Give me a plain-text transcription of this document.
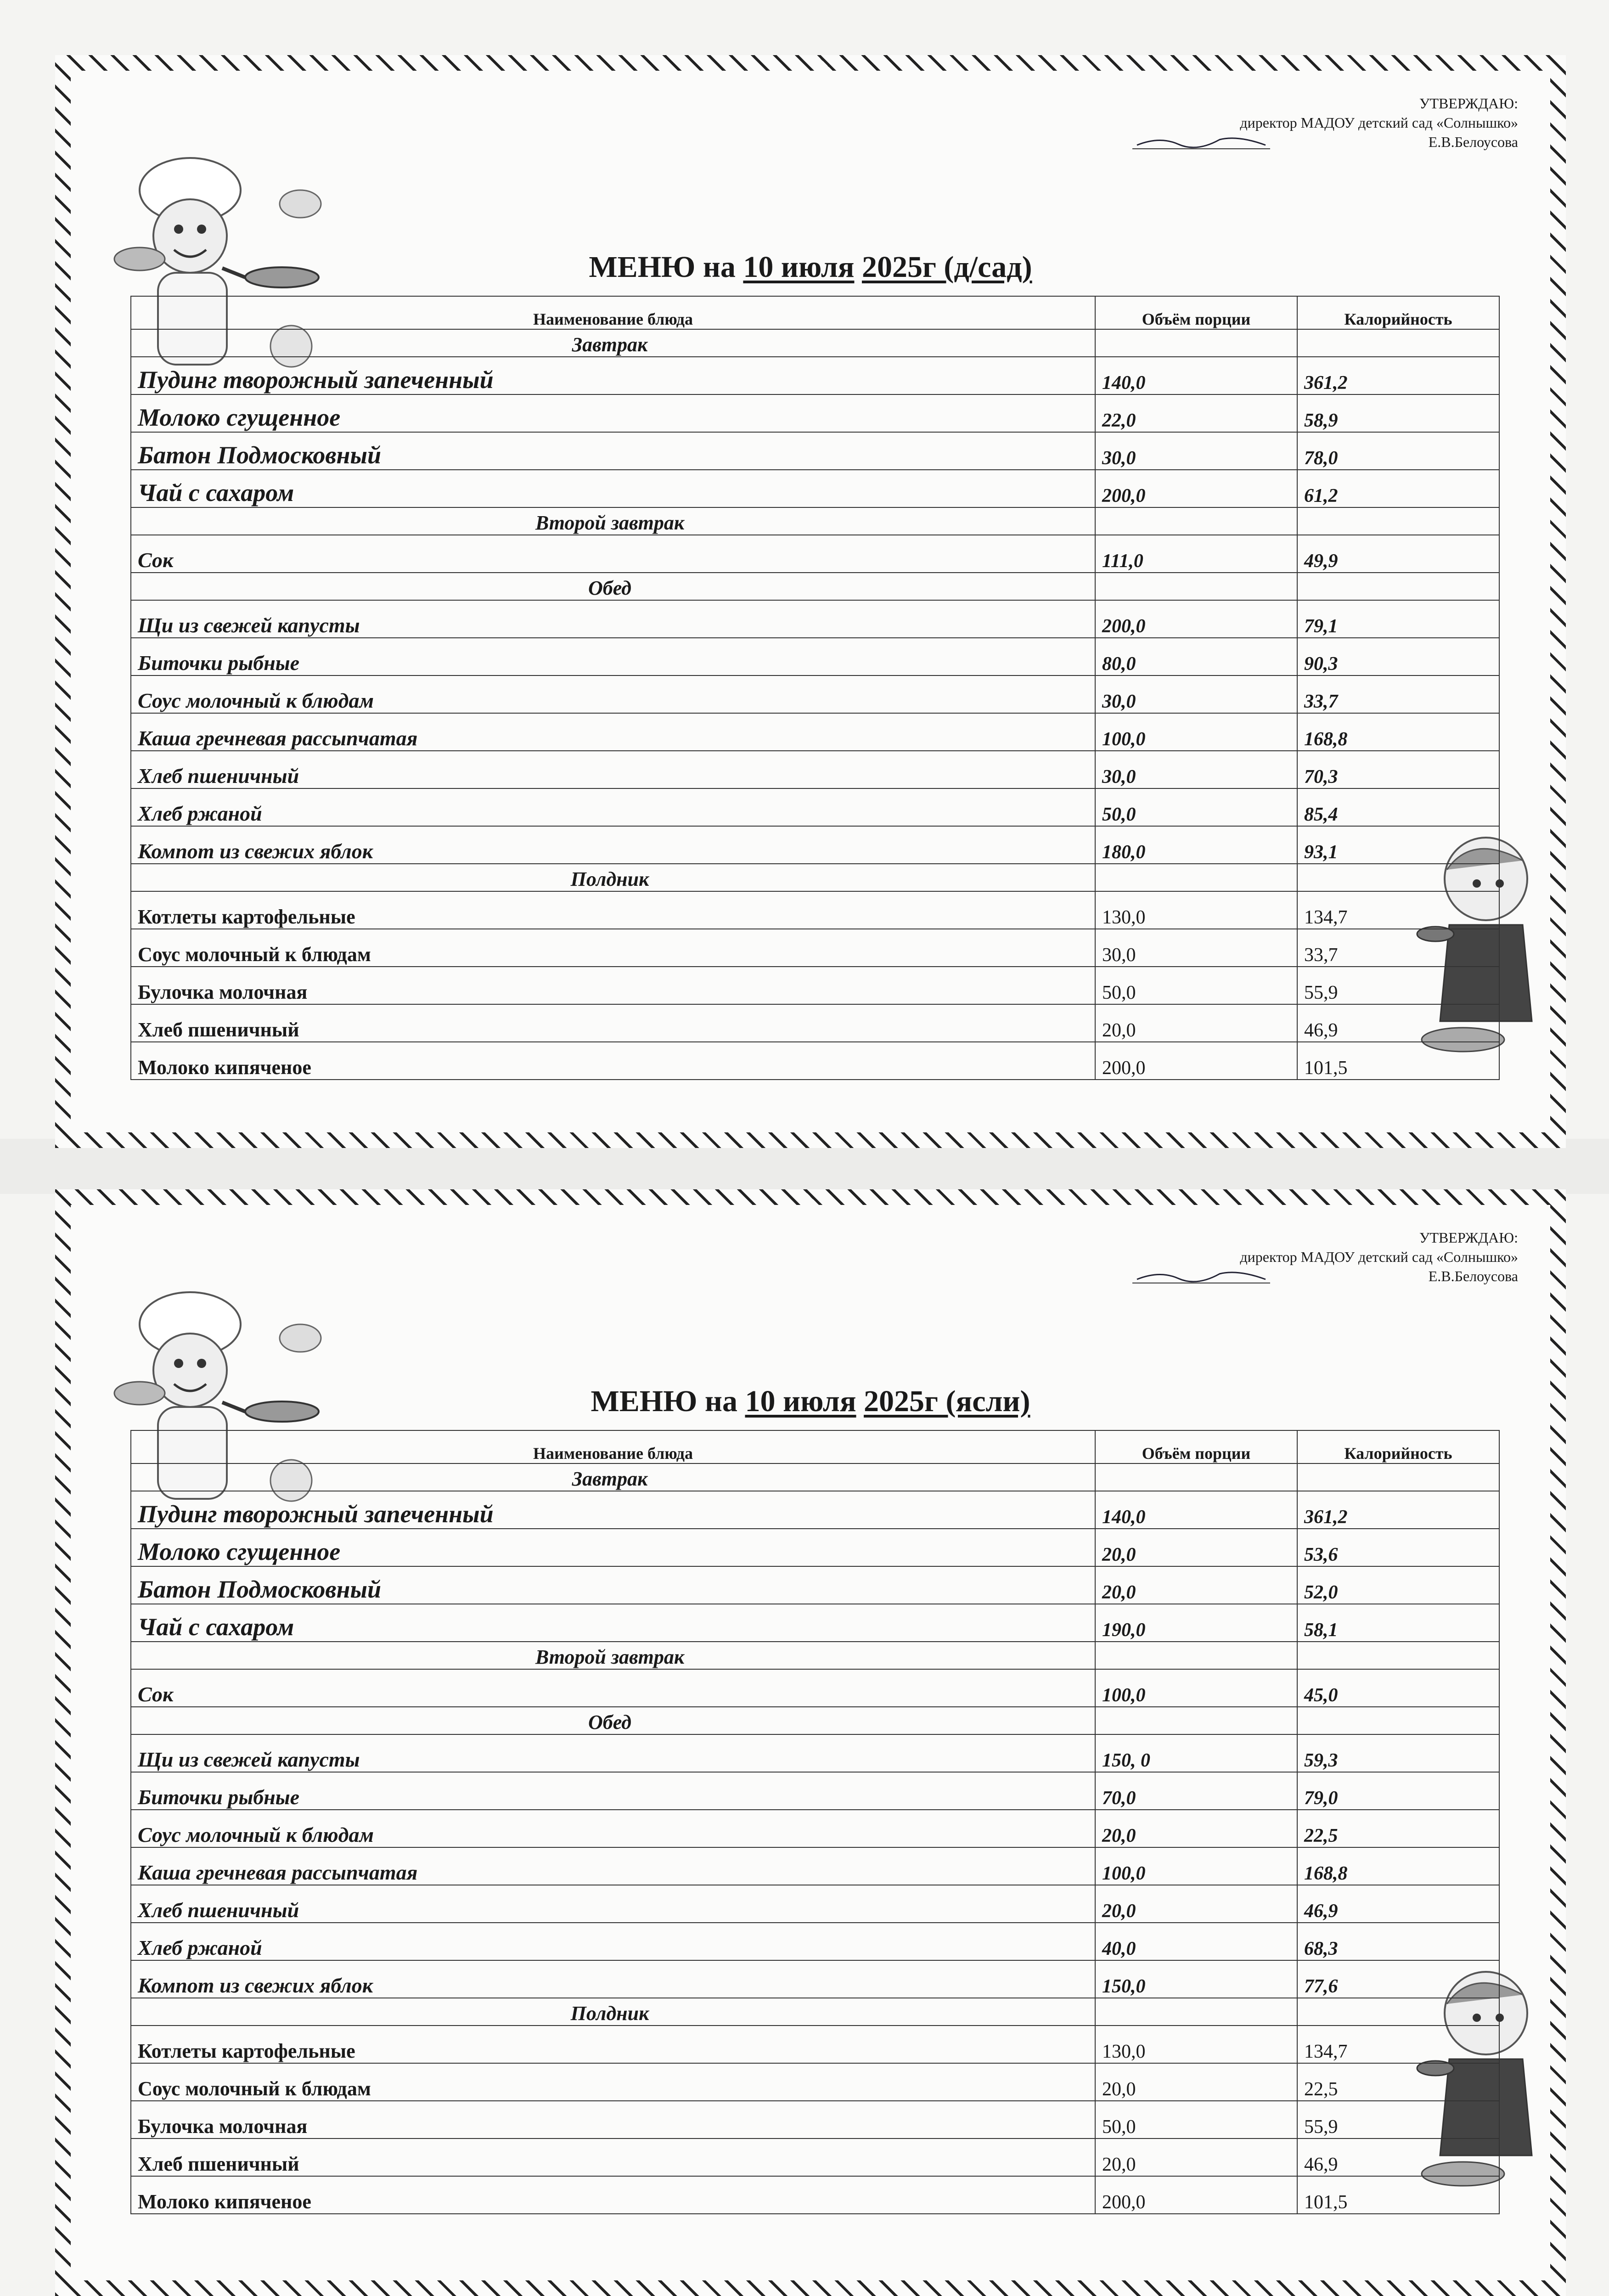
УТВЕРЖДАЮ:
директор МАДОУ детский сад «Солнышко»
Е.В.Белоусова
МЕНЮ на 10 июля 2025г (д/сад)
Наименование блюда	Объём порции	Калорийность
Завтрак		
Пудинг творожный запеченный	140,0	361,2
Молоко сгущенное	22,0	58,9
Батон Подмосковный	30,0	78,0
Чай с сахаром	200,0	61,2
Второй завтрак		
Сок	111,0	49,9
Обед		
Щи из свежей капусты	200,0	79,1
Биточки рыбные	80,0	90,3
Соус молочный к блюдам	30,0	33,7
Каша гречневая рассыпчатая	100,0	168,8
Хлеб пшеничный	30,0	70,3
Хлеб ржаной	50,0	85,4
Компот из свежих яблок	180,0	93,1
Полдник		
Котлеты картофельные	130,0	134,7
Соус молочный к блюдам	30,0	33,7
Булочка молочная	50,0	55,9
Хлеб пшеничный	20,0	46,9
Молоко кипяченое	200,0	101,5
УТВЕРЖДАЮ:
директор МАДОУ детский сад «Солнышко»
Е.В.Белоусова
МЕНЮ на 10 июля 2025г (ясли)
Наименование блюда	Объём порции	Калорийность
Завтрак		
Пудинг творожный запеченный	140,0	361,2
Молоко сгущенное	20,0	53,6
Батон Подмосковный	20,0	52,0
Чай с сахаром	190,0	58,1
Второй завтрак		
Сок	100,0	45,0
Обед		
Щи из свежей капусты	150, 0	59,3
Биточки рыбные	70,0	79,0
Соус молочный к блюдам	20,0	22,5
Каша гречневая рассыпчатая	100,0	168,8
Хлеб пшеничный	20,0	46,9
Хлеб ржаной	40,0	68,3
Компот из свежих яблок	150,0	77,6
Полдник		
Котлеты картофельные	130,0	134,7
Соус молочный к блюдам	20,0	22,5
Булочка молочная	50,0	55,9
Хлеб пшеничный	20,0	46,9
Молоко кипяченое	200,0	101,5
